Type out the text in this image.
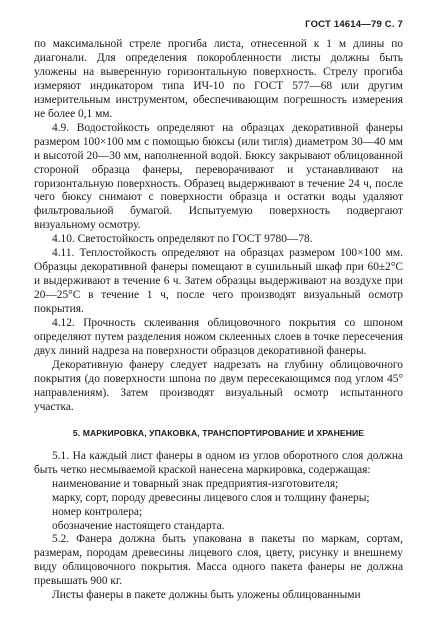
ГОСТ 14614—79 С. 7

по максимальной стреле прогиба листа, отнесенной к 1 м длины по диагонали. Для определения покоробленности листы должны быть уложены на выверенную горизонтальную поверхность. Стрелу прогиба измеряют индикатором типа ИЧ-10 по ГОСТ 577—68 или другим измерительным инструментом, обеспечивающим погрешность измерения не более 0,1 мм.

4.9. Водостойкость определяют на образцах декоративной фанеры размером 100×100 мм с помощью бюксы (или тигля) диаметром 30—40 мм и высотой 20—30 мм, наполненной водой. Бюксу закрывают облицованной стороной образца фанеры, переворачивают и устанавливают на горизонтальную поверхность. Образец выдерживают в течение 24 ч, после чего бюксу снимают с поверхности образца и остатки воды удаляют фильтровальной бумагой. Испытуемую поверхность подвергают визуальному осмотру.

4.10. Светостойкость определяют по ГОСТ 9780—78.

4.11. Теплостойкость определяют на образцах размером 100×100 мм. Образцы декоративной фанеры помещают в сушильный шкаф при 60±2°С и выдерживают в течение 6 ч. Затем образцы выдерживают на воздухе при 20—25°С в течение 1 ч, после чего производят визуальный осмотр покрытия.

4.12. Прочность склеивания облицовочного покрытия со шпоном определяют путем разделения ножом склеенных слоев в точке пересечения двух линий надреза на поверхности образцов декоративной фанеры.

Декоративную фанеру следует надрезать на глубину облицовочного покрытия (до поверхности шпона по двум пересекающимся под углом 45° направлениям). Затем производят визуальный осмотр испытанного участка.

5. МАРКИРОВКА, УПАКОВКА, ТРАНСПОРТИРОВАНИЕ И ХРАНЕНИЕ

5.1. На каждый лист фанеры в одном из углов оборотного слоя должна быть четко несмываемой краской нанесена маркировка, содержащая:

наименование и товарный знак предприятия-изготовителя;

марку, сорт, породу древесины лицевого слоя и толщину фанеры;

номер контролера;

обозначение настоящего стандарта.

5.2. Фанера должна быть упакована в пакеты по маркам, сортам, размерам, породам древесины лицевого слоя, цвету, рисунку и внешнему виду облицовочного покрытия. Масса одного пакета фанеры не должна превышать 900 кг.

Листы фанеры в пакете должны быть уложены облицованными
